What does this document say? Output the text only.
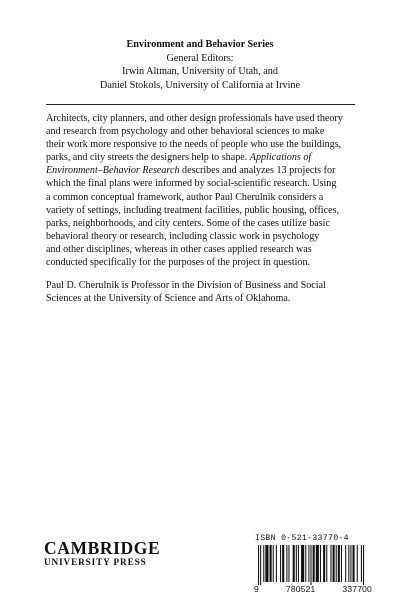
Environment and Behavior Series

General Editors:

Irwin Altman, University of Utah, and

Daniel Stokols, University of California at Irvine

Architects, city planners, and other design professionals have used theory
and research from psychology and other behavioral sciences to make
their work more responsive to the needs of people who use the buildings,
parks, and city streets the designers help to shape. Applications of
Environment–Behavior Research describes and analyzes 13 projects for
which the final plans were informed by social-scientific research. Using
a common conceptual framework, author Paul Cherulnik considers a
variety of settings, including treatment facilities, public housing, offices,
parks, neighborhoods, and city centers. Some of the cases utilize basic
behavioral theory or research, including classic work in psychology
and other disciplines, whereas in other cases applied research was
conducted specifically for the purposes of the project in question.

Paul D. Cherulnik is Professor in the Division of Business and Social
Sciences at the University of Science and Arts of Oklahoma.

CAMBRIDGE
UNIVERSITY PRESS
ISBN 0-521-33770-4
9	780521	337700
